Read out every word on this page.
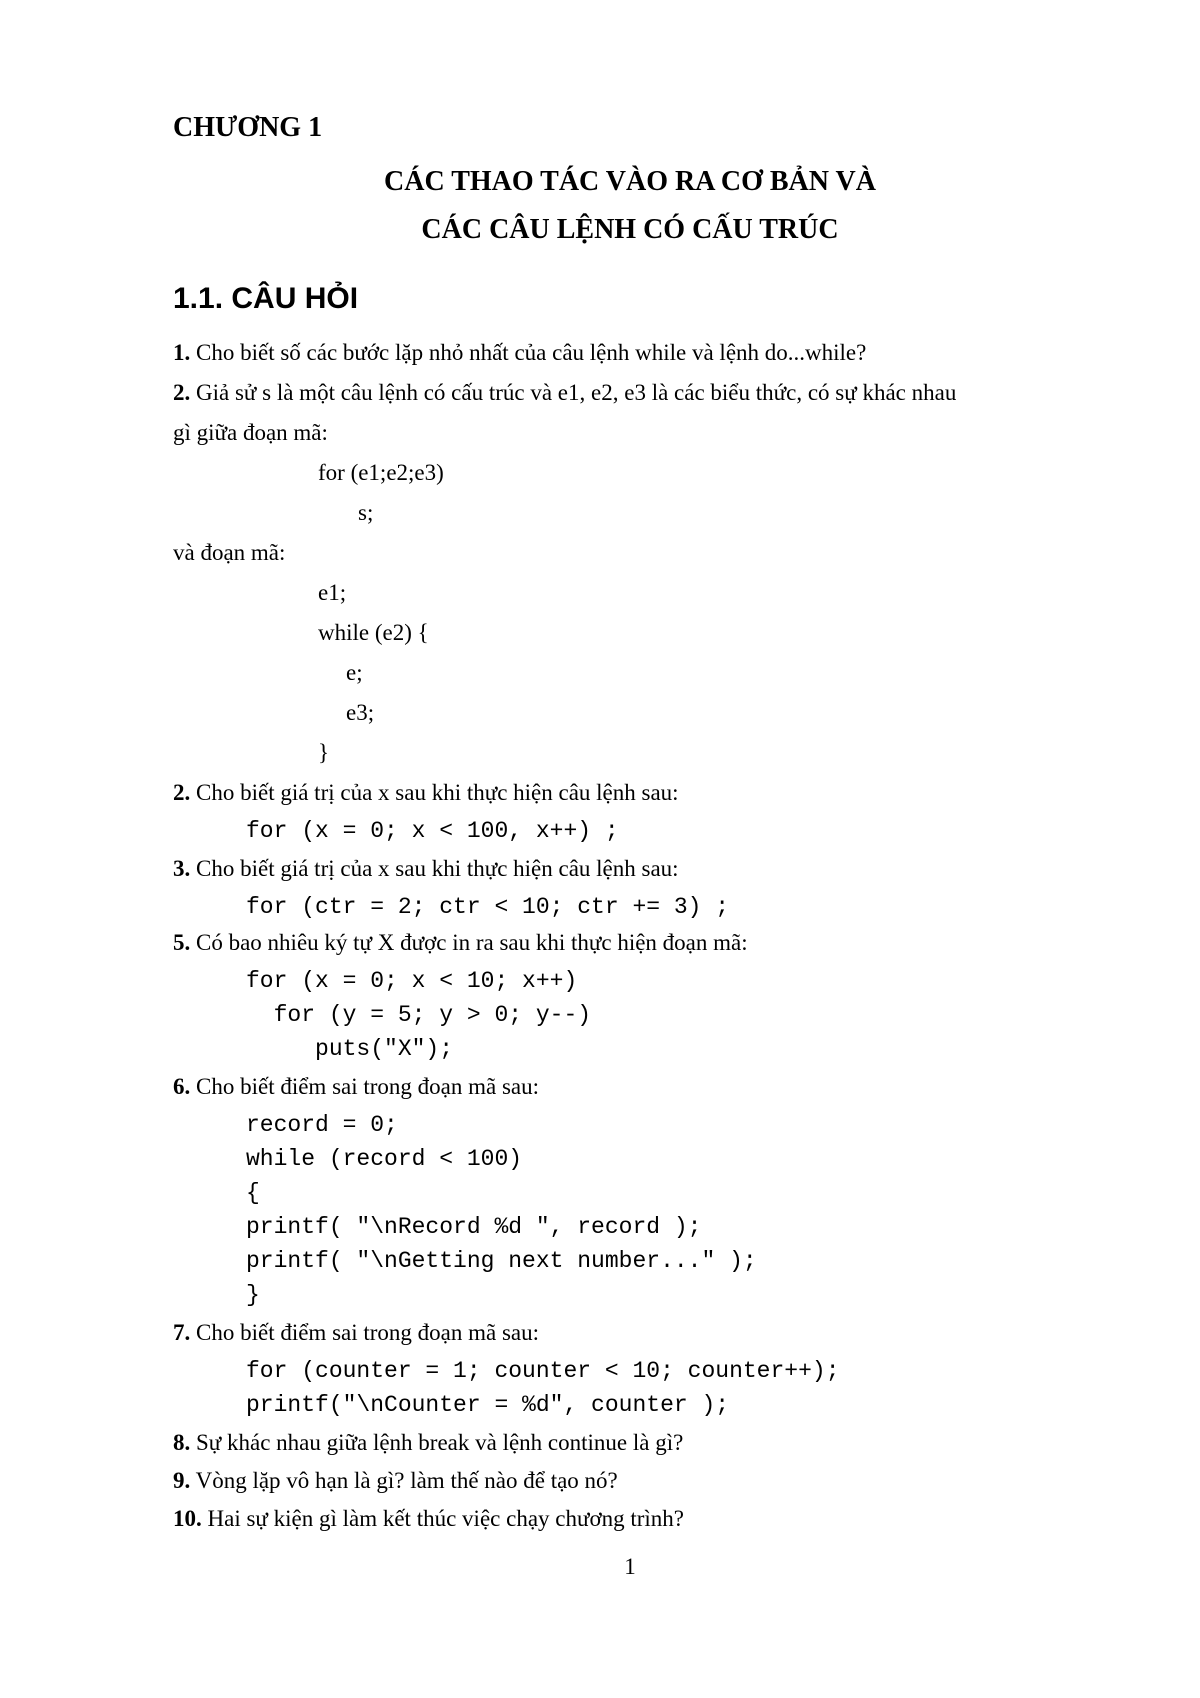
CHƯƠNG 1
CÁC THAO TÁC VÀO RA CƠ BẢN VÀ
CÁC CÂU LỆNH CÓ CẤU TRÚC
1.1. CÂU HỎI

1. Cho biết số các bước lặp nhỏ nhất của câu lệnh while và lệnh do...while?

2. Giả sử s là một câu lệnh có cấu trúc và e1, e2, e3 là các biểu thức, có sự khác nhau

gì giữa đoạn mã:

for (e1;e2;e3)

s;

và đoạn mã:

e1;

while (e2) {

e;

e3;

}

2. Cho biết giá trị của x sau khi thực hiện câu lệnh sau:

for (x = 0; x < 100, x++) ;

3. Cho biết giá trị của x sau khi thực hiện câu lệnh sau:

for (ctr = 2; ctr < 10; ctr += 3) ;

5. Có bao nhiêu ký tự X được in ra sau khi thực hiện đoạn mã:

for (x = 0; x < 10; x++)

for (y = 5; y > 0; y--)

puts("X");

6. Cho biết điểm sai trong đoạn mã sau:

record = 0;

while (record < 100)

{

printf( "\nRecord %d ", record );

printf( "\nGetting next number..." );

}

7. Cho biết điểm sai trong đoạn mã sau:

for (counter = 1; counter < 10; counter++);

printf("\nCounter = %d", counter );

8. Sự khác nhau giữa lệnh break và lệnh continue là gì?

9. Vòng lặp vô hạn là gì? làm thế nào để tạo nó?

10. Hai sự kiện gì làm kết thúc việc chạy chương trình?

1
